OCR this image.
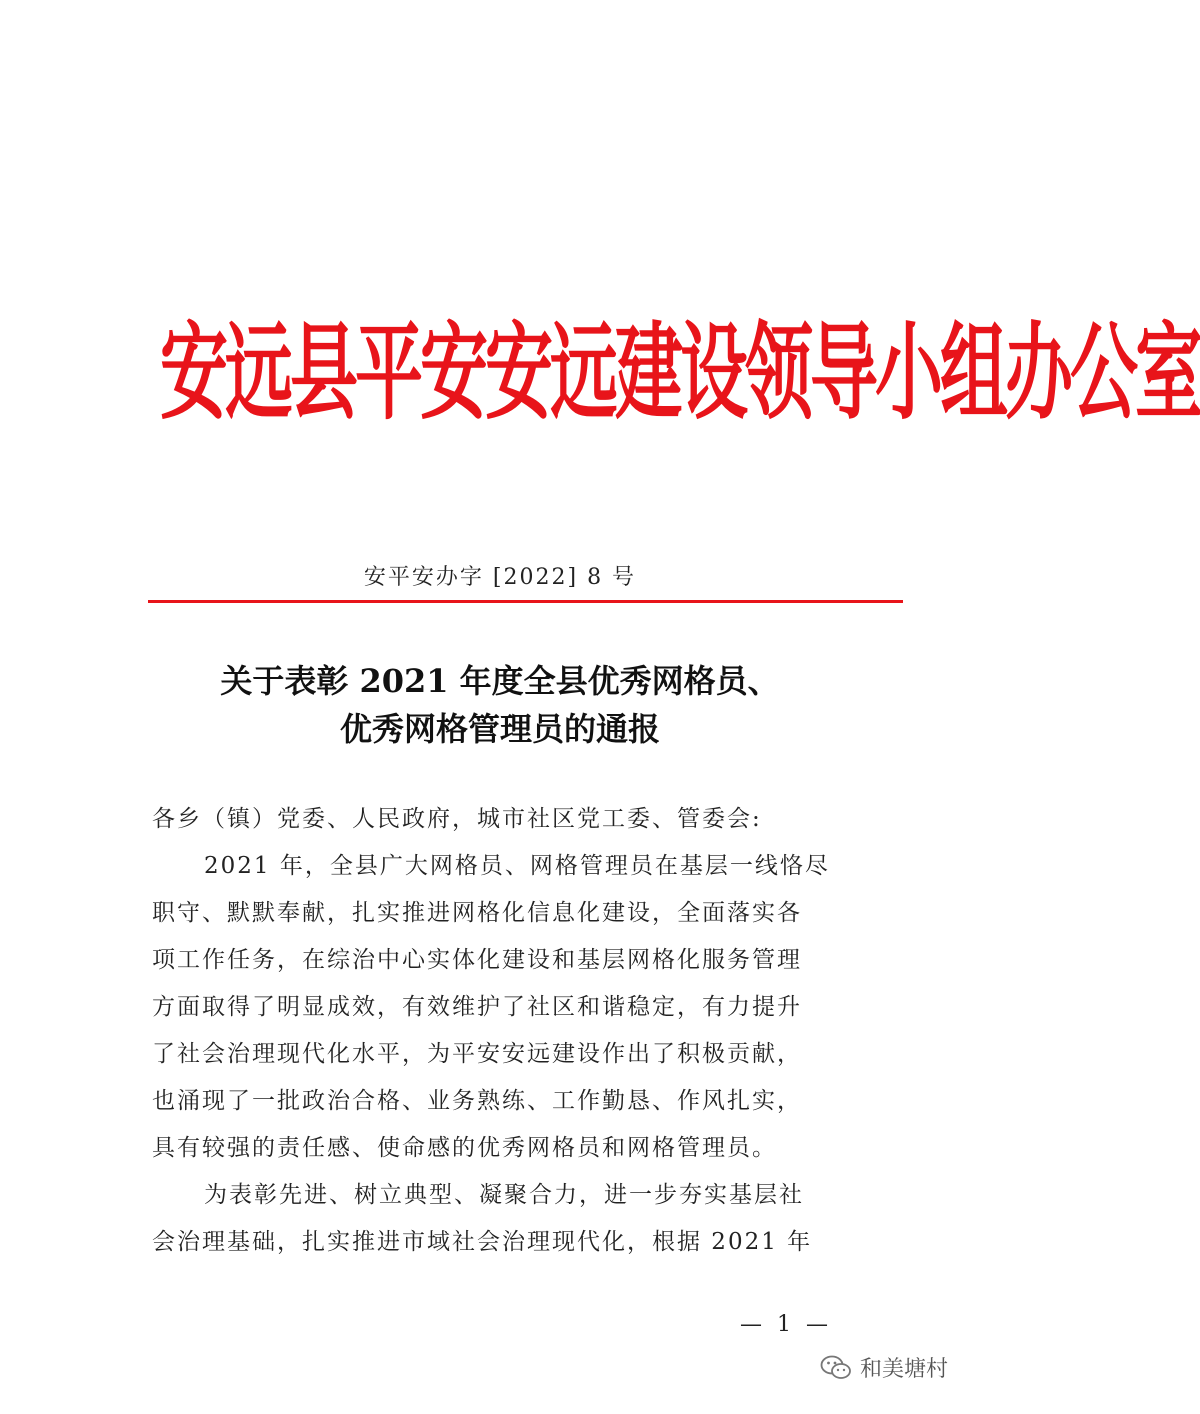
安远县平安安远建设领导小组办公室
安平安办字 [2022] 8 号
关于表彰 2021 年度全县优秀网格员、
优秀网格管理员的通报
各乡（镇）党委、人民政府，城市社区党工委、管委会:
2021 年，全县广大网格员、网格管理员在基层一线恪尽
职守、默默奉献，扎实推进网格化信息化建设，全面落实各
项工作任务，在综治中心实体化建设和基层网格化服务管理
方面取得了明显成效，有效维护了社区和谐稳定，有力提升
了社会治理现代化水平，为平安安远建设作出了积极贡献，
也涌现了一批政治合格、业务熟练、工作勤恳、作风扎实，
具有较强的责任感、使命感的优秀网格员和网格管理员。
为表彰先进、树立典型、凝聚合力，进一步夯实基层社
会治理基础，扎实推进市域社会治理现代化，根据 2021 年
— 1 —
和美塘村
